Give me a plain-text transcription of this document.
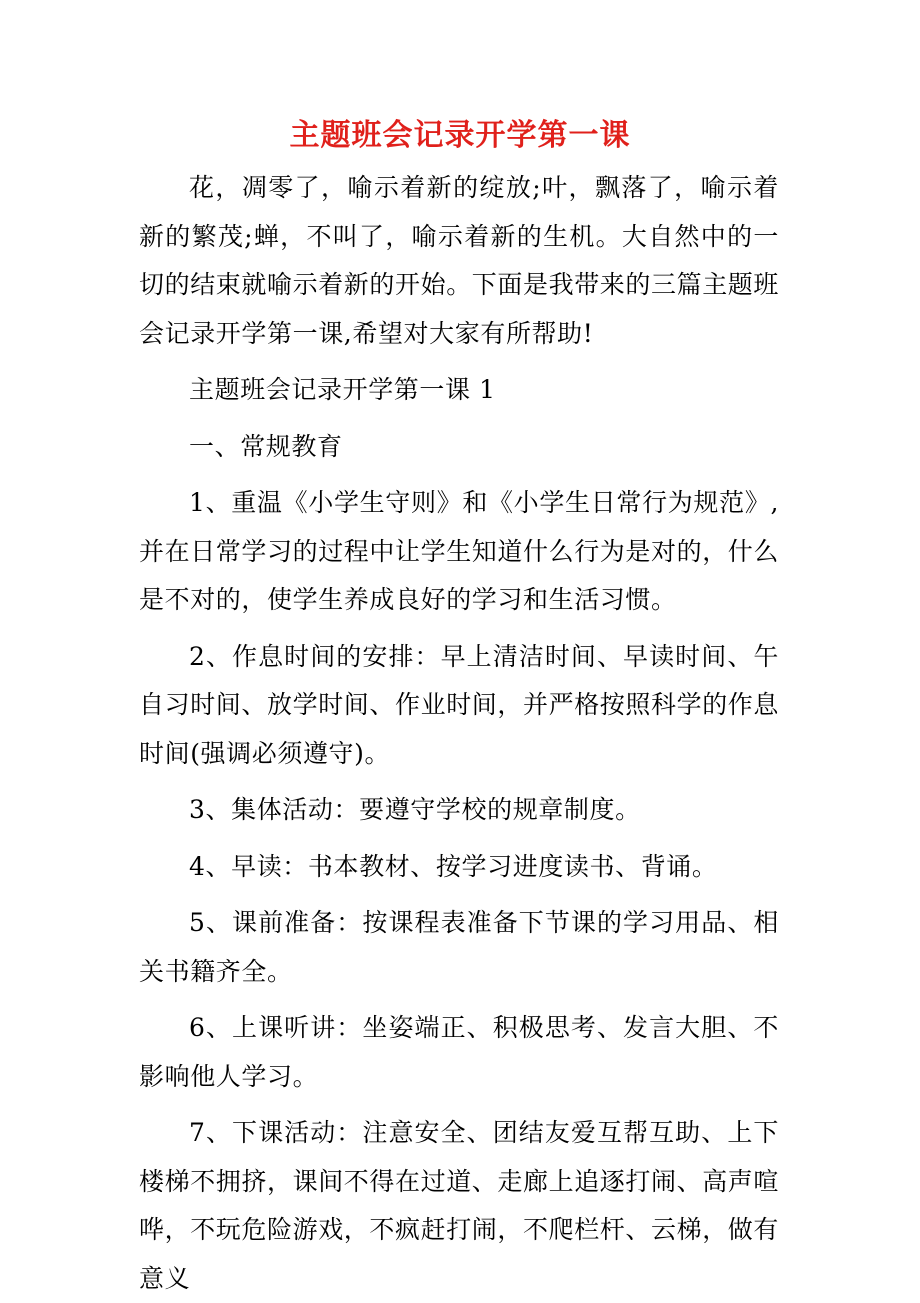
主题班会记录开学第一课

花，凋零了，喻示着新的绽放;叶，飘落了，喻示着新的繁茂;蝉，不叫了，喻示着新的生机。大自然中的一切的结束就喻示着新的开始。下面是我带来的三篇主题班会记录开学第一课,希望对大家有所帮助!

主题班会记录开学第一课 1

一、常规教育

1、重温《小学生守则》和《小学生日常行为规范》,并在日常学习的过程中让学生知道什么行为是对的，什么是不对的，使学生养成良好的学习和生活习惯。

2、作息时间的安排：早上清洁时间、早读时间、午自习时间、放学时间、作业时间，并严格按照科学的作息时间(强调必须遵守)。

3、集体活动：要遵守学校的规章制度。

4、早读：书本教材、按学习进度读书、背诵。

5、课前准备：按课程表准备下节课的学习用品、相关书籍齐全。

6、上课听讲：坐姿端正、积极思考、发言大胆、不影响他人学习。

7、下课活动：注意安全、团结友爱互帮互助、上下楼梯不拥挤，课间不得在过道、走廊上追逐打闹、高声喧哗，不玩危险游戏，不疯赶打闹，不爬栏杆、云梯，做有意义
